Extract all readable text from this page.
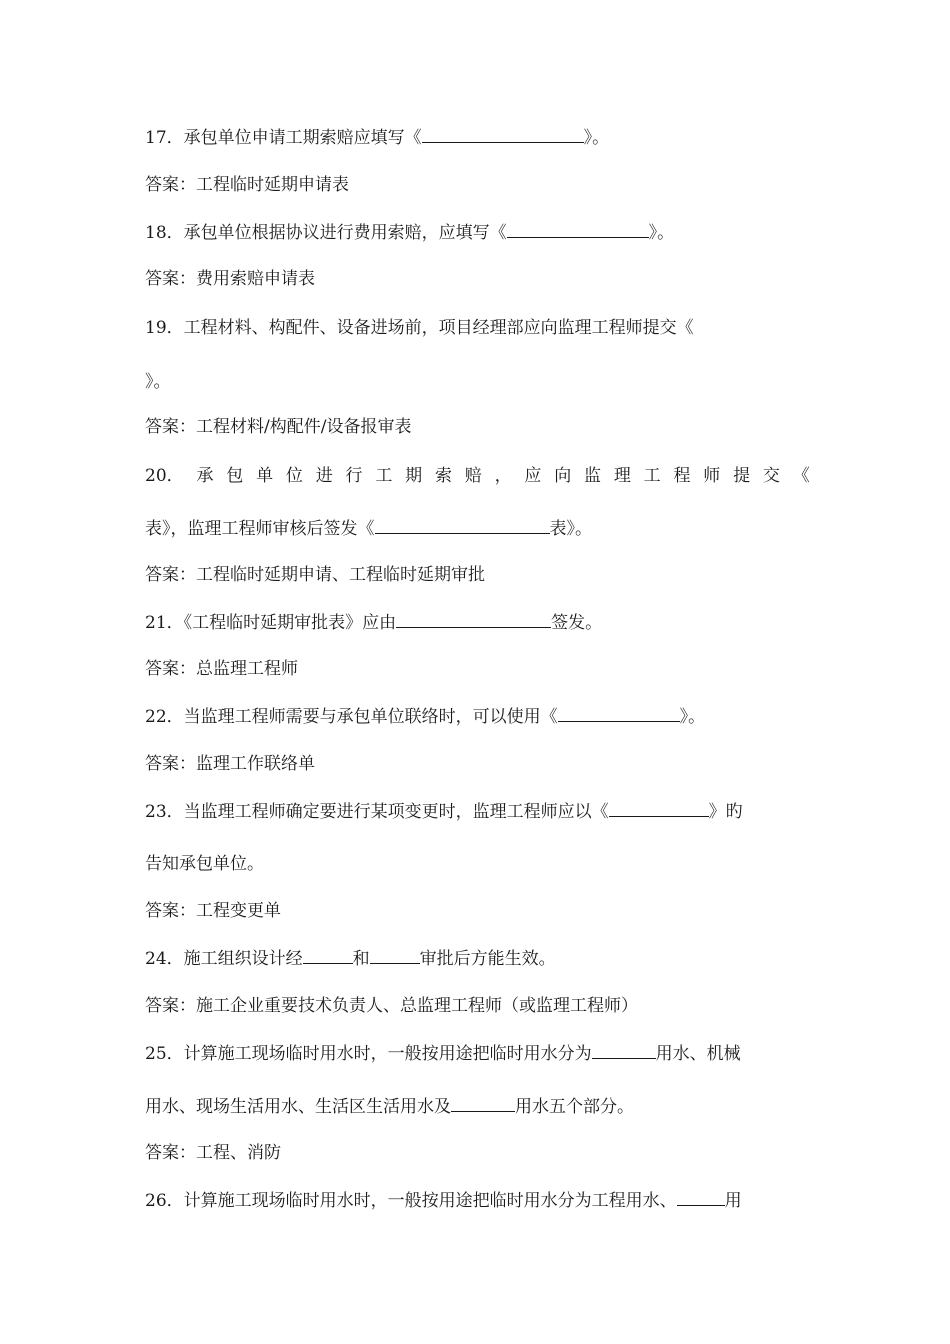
17．承包单位申请工期索赔应填写《	》。
答案：工程临时延期申请表
18．承包单位根据协议进行费用索赔，应填写《	》。
答案：费用索赔申请表
19．工程材料、构配件、设备进场前，项目经理部应向监理工程师提交《
》。
答案：工程材料/构配件/设备报审表
20． 承 包 单 位 进 行 工 期 索 赔 ， 应 向 监 理 工 程 师 提 交 《
表》，监理工程师审核后签发《	表》。
答案：工程临时延期申请、工程临时延期审批
21．《工程临时延期审批表》应由	签发。
答案：总监理工程师
22．当监理工程师需要与承包单位联络时，可以使用《	》。
答案：监理工作联络单
23．当监理工程师确定要进行某项变更时，监理工程师应以《	》旳
告知承包单位。
答案：工程变更单
24．施工组织设计经	和	审批后方能生效。
答案：施工企业重要技术负责人、总监理工程师（或监理工程师）
25．计算施工现场临时用水时，一般按用途把临时用水分为	用水、机械
用水、现场生活用水、生活区生活用水及	用水五个部分。
答案：工程、消防
26．计算施工现场临时用水时，一般按用途把临时用水分为工程用水、	用
